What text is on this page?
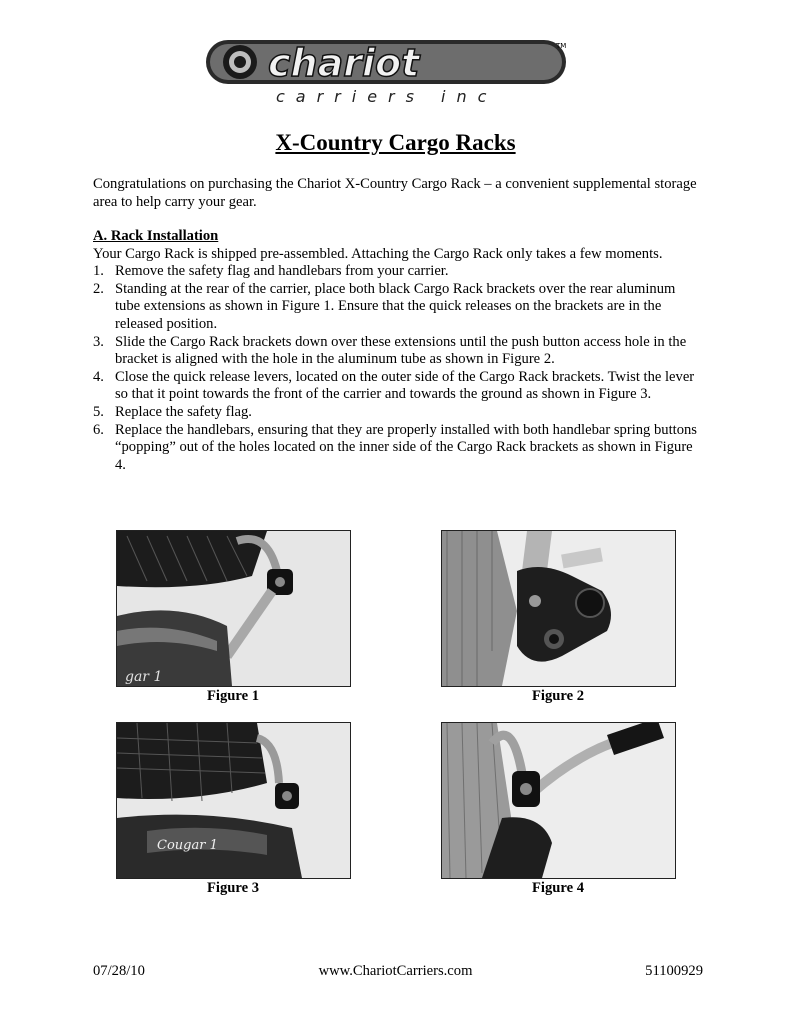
chariot	TM
carriers inc
X-Country Cargo Racks
Congratulations on purchasing the Chariot X-Country Cargo Rack – a convenient supplemental storage area to help carry your gear.
A. Rack Installation
Your Cargo Rack is shipped pre-assembled. Attaching the Cargo Rack only takes a few moments.
1. Remove the safety flag and handlebars from your carrier.
2. Standing at the rear of the carrier, place both black Cargo Rack brackets over the rear aluminum tube extensions as shown in Figure 1. Ensure that the quick releases on the brackets are in the released position.
3. Slide the Cargo Rack brackets down over these extensions until the push button access hole in the bracket is aligned with the hole in the aluminum tube as shown in Figure 2.
4. Close the quick release levers, located on the outer side of the Cargo Rack brackets. Twist the lever so that it point towards the front of the carrier and towards the ground as shown in Figure 3.
5. Replace the safety flag.
6. Replace the handlebars, ensuring that they are properly installed with both handlebar spring buttons “popping” out of the holes located on the inner side of the Cargo Rack brackets as shown in Figure 4.
gar 1
Figure 1	Figure 2
Cougar 1
Figure 3	Figure 4
07/28/10	www.ChariotCarriers.com	51100929
